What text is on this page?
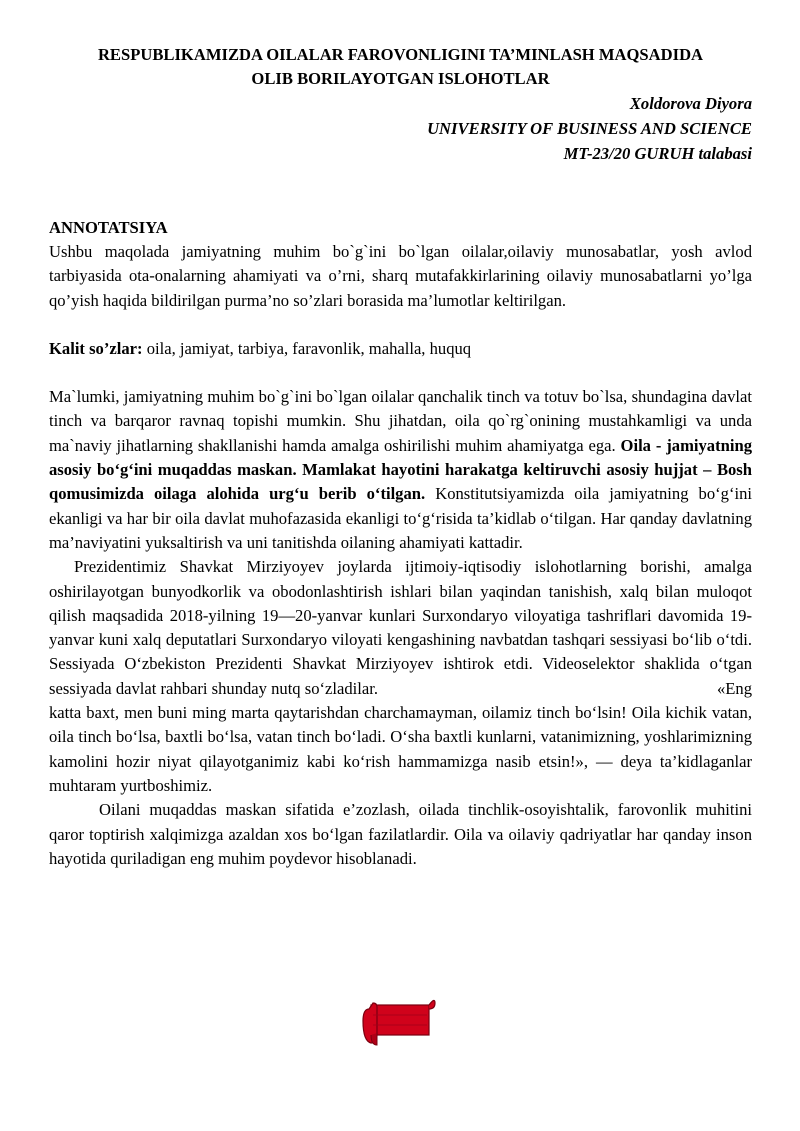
RESPUBLIKAMIZDA OILALAR FAROVONLIGINI TA’MINLASH MAQSADIDA

OLIB BORILAYOTGAN ISLOHOTLAR

Xoldorova Diyora

UNIVERSITY OF BUSINESS AND SCIENCE

MT-23/20 GURUH talabasi

ANNOTATSIYA

Ushbu maqolada jamiyatning muhim bo`g`ini bo`lgan oilalar,oilaviy munosabatlar, yosh avlod tarbiyasida ota-onalarning ahamiyati va o’rni, sharq mutafakkirlarining oilaviy munosabatlarni yo’lga qo’yish haqida bildirilgan purma’no so’zlari borasida ma’lumotlar keltirilgan.

Kalit so’zlar: oila, jamiyat, tarbiya, faravonlik, mahalla, huquq

Ma`lumki, jamiyatning muhim bo`g`ini bo`lgan oilalar qanchalik tinch va totuv bo`lsa, shundagina davlat tinch va barqaror ravnaq topishi mumkin. Shu jihatdan, oila qo`rg`onining mustahkamligi va unda ma`naviy jihatlarning shakllanishi hamda amalga oshirilishi muhim ahamiyatga ega. Oila - jamiyatning asosiy bo‘g‘ini muqaddas maskan. Mamlakat hayotini harakatga keltiruvchi asosiy hujjat – Bosh qomusimizda oilaga alohida urg‘u berib o‘tilgan. Konstitutsiyamizda oila jamiyatning bo‘g‘ini ekanligi va har bir oila davlat muhofazasida ekanligi to‘g‘risida ta’kidlab o‘tilgan. Har qanday davlatning ma’naviyatini yuksaltirish va uni tanitishda oilaning ahamiyati kattadir.

Prezidentimiz Shavkat Mirziyoyev joylarda ijtimoiy-iqtisodiy islohotlarning borishi, amalga oshirilayotgan bunyodkorlik va obodonlashtirish ishlari bilan yaqindan tanishish, xalq bilan muloqot qilish maqsadida 2018-yilning 19—20-yanvar kunlari Surxondaryo viloyatiga tashriflari davomida 19-yanvar kuni xalq deputatlari Surxondaryo viloyati kengashining navbatdan tashqari sessiyasi bo‘lib o‘tdi. Sessiyada O‘zbekiston Prezidenti Shavkat Mirziyoyev ishtirok etdi. Videoselektor shaklida o‘tgan sessiyada davlat rahbari shunday nutq so‘zladilar.	«Eng

katta baxt, men buni ming marta qaytarishdan charchamayman, oilamiz tinch bo‘lsin! Oila kichik vatan, oila tinch bo‘lsa, baxtli bo‘lsa, vatan tinch bo‘ladi. O‘sha baxtli kunlarni, vatanimizning, yoshlarimizning kamolini hozir niyat qilayotganimiz kabi ko‘rish hammamizga nasib etsin!», — deya ta’kidlaganlar muhtaram yurtboshimiz.

Oilani muqaddas maskan sifatida e’zozlash, oilada tinchlik-osoyishtalik, farovonlik muhitini qaror toptirish xalqimizga azaldan xos bo‘lgan fazilatlardir. Oila va oilaviy qadriyatlar har qanday inson hayotida quriladigan eng muhim poydevor hisoblanadi.
